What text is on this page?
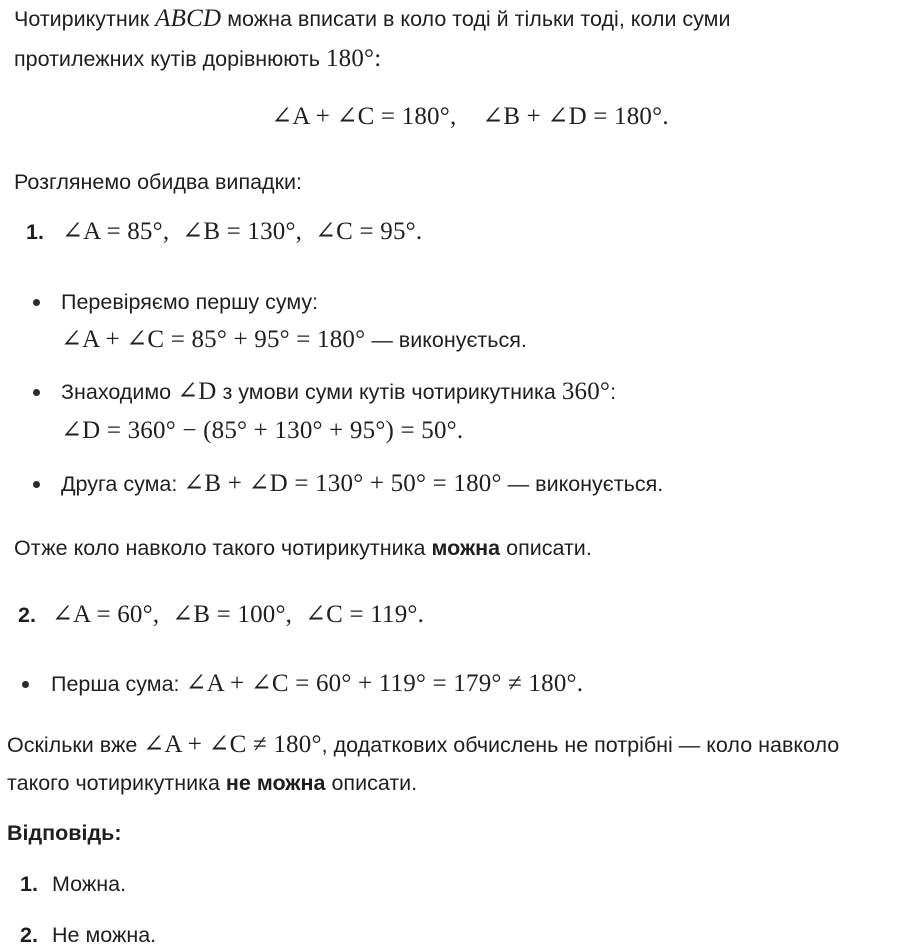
Чотирикутник ABCD можна вписати в коло тоді й тільки тоді, коли суми
протилежних кутів дорівнюють 180°:
∠A + ∠C = 180°,    ∠B + ∠D = 180°.
Розглянемо обидва випадки:
1. ∠A = 85°,  ∠B = 130°,  ∠C = 95°.
Перевіряємо першу суму:
∠A + ∠C = 85° + 95° = 180° — виконується.
Знаходимо ∠D з умови суми кутів чотирикутника 360°:
∠D = 360° − (85° + 130° + 95°) = 50°.
Друга сума: ∠B + ∠D = 130° + 50° = 180° — виконується.
Отже коло навколо такого чотирикутника можна описати.
2. ∠A = 60°,  ∠B = 100°,  ∠C = 119°.
Перша сума: ∠A + ∠C = 60° + 119° = 179° ≠ 180°.
Оскільки вже ∠A + ∠C ≠ 180°, додаткових обчислень не потрібні — коло навколо
такого чотирикутника не можна описати.
Відповідь:
1. Можна.
2. Не можна.
